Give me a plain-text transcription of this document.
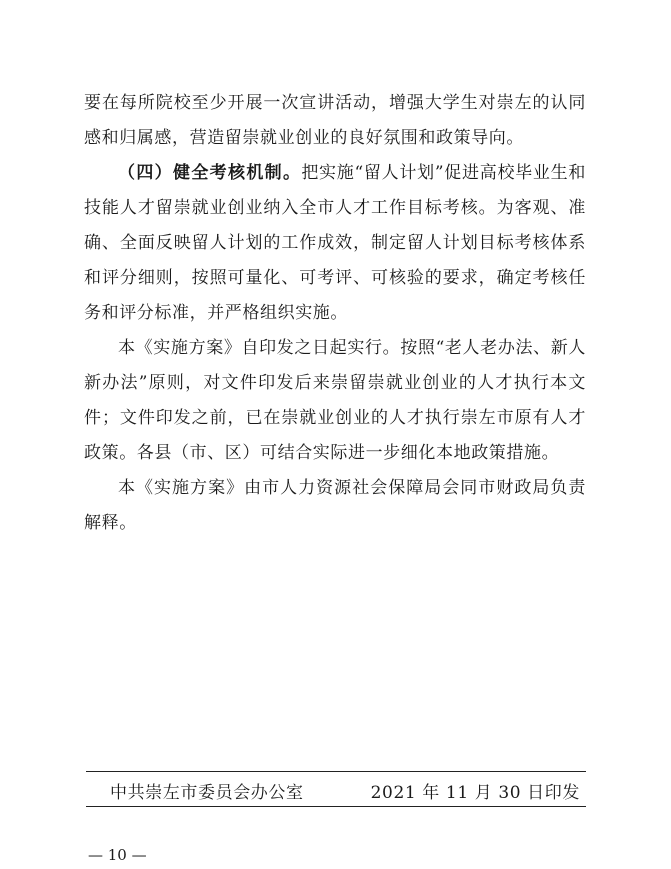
要在每所院校至少开展一次宣讲活动，增强大学生对崇左的认同感和归属感，营造留崇就业创业的良好氛围和政策导向。

（四）健全考核机制。把实施“留人计划”促进高校毕业生和技能人才留崇就业创业纳入全市人才工作目标考核。为客观、准确、全面反映留人计划的工作成效，制定留人计划目标考核体系和评分细则，按照可量化、可考评、可核验的要求，确定考核任务和评分标准，并严格组织实施。

本《实施方案》自印发之日起实行。按照“老人老办法、新人新办法”原则，对文件印发后来崇留崇就业创业的人才执行本文件；文件印发之前，已在崇就业创业的人才执行崇左市原有人才政策。各县（市、区）可结合实际进一步细化本地政策措施。

本《实施方案》由市人力资源社会保障局会同市财政局负责解释。

中共崇左市委员会办公室	2021 年 11 月 30 日印发
— 10 —
